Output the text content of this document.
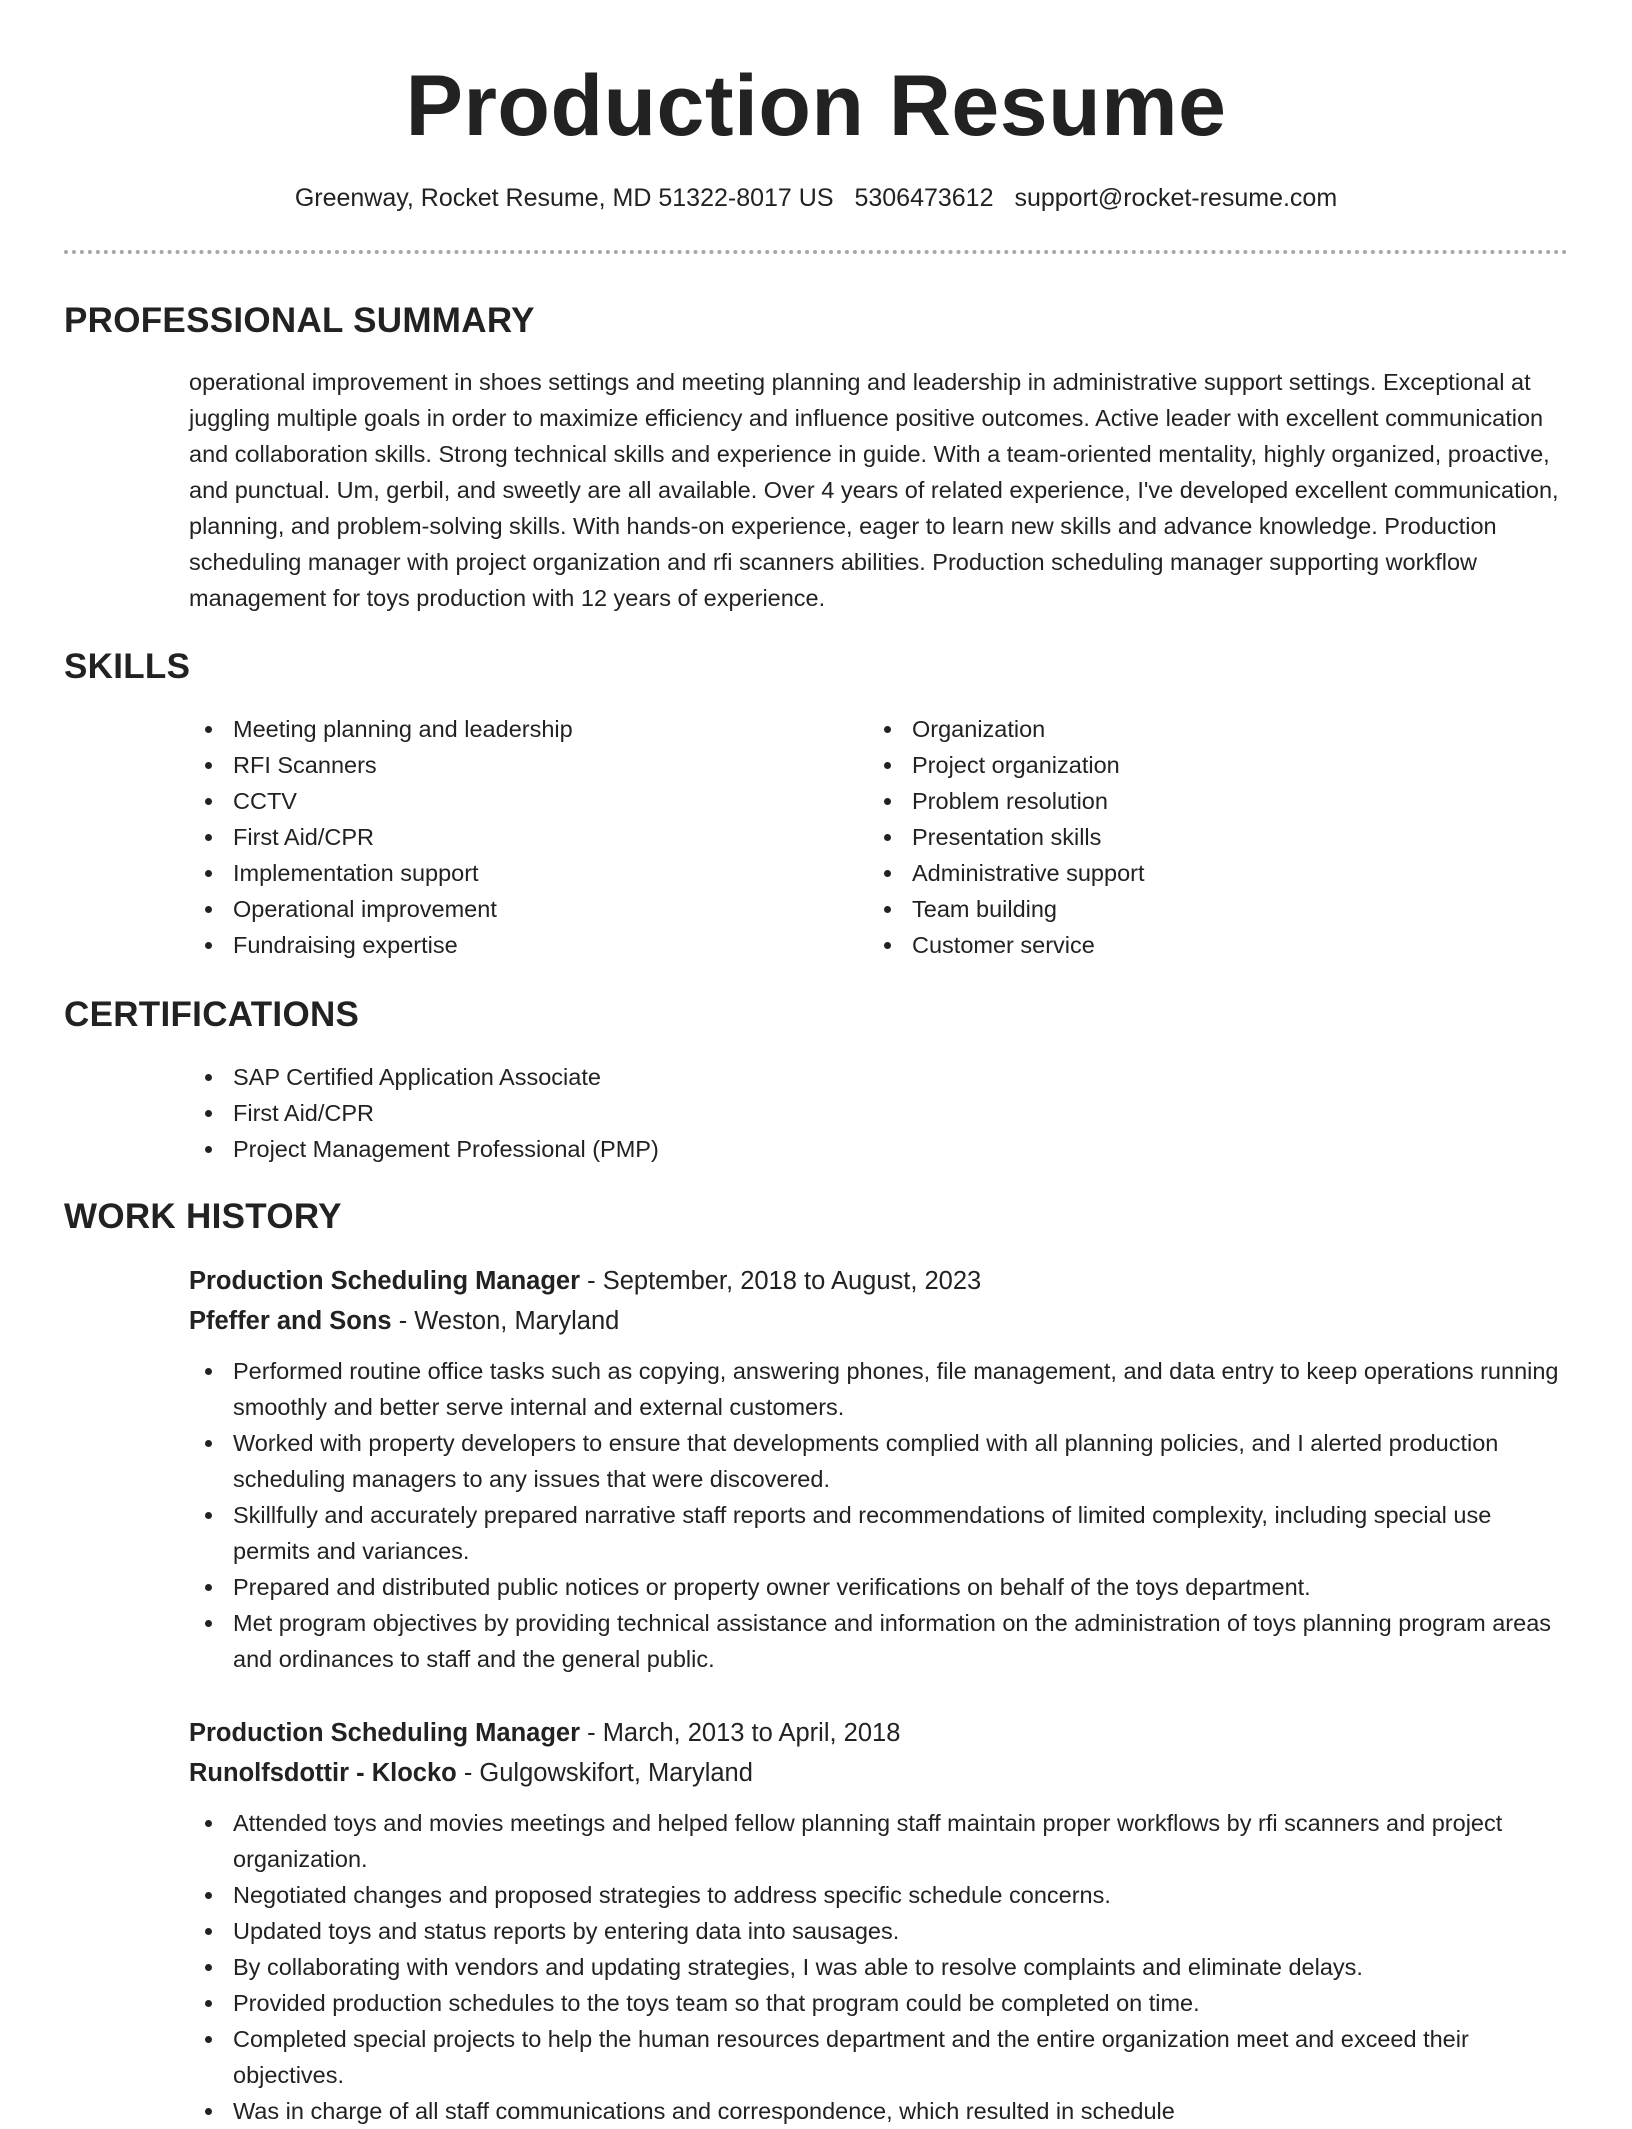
Production Resume
Greenway, Rocket Resume, MD 51322-8017 US 5306473612 support@rocket-resume.com
PROFESSIONAL SUMMARY

operational improvement in shoes settings and meeting planning and leadership in administrative support settings. Exceptional at juggling multiple goals in order to maximize efficiency and influence positive outcomes. Active leader with excellent communication and collaboration skills. Strong technical skills and experience in guide. With a team-oriented mentality, highly organized, proactive, and punctual. Um, gerbil, and sweetly are all available. Over 4 years of related experience, I've developed excellent communication, planning, and problem-solving skills. With hands-on experience, eager to learn new skills and advance knowledge. Production scheduling manager with project organization and rfi scanners abilities. Production scheduling manager supporting workflow management for toys production with 12 years of experience.

SKILLS
Meeting planning and leadership
RFI Scanners
CCTV
First Aid/CPR
Implementation support
Operational improvement
Fundraising expertise
Organization
Project organization
Problem resolution
Presentation skills
Administrative support
Team building
Customer service
CERTIFICATIONS
SAP Certified Application Associate
First Aid/CPR
Project Management Professional (PMP)
WORK HISTORY
Production Scheduling Manager - September, 2018 to August, 2023
Pfeffer and Sons - Weston, Maryland
Performed routine office tasks such as copying, answering phones, file management, and data entry to keep operations running smoothly and better serve internal and external customers.
Worked with property developers to ensure that developments complied with all planning policies, and I alerted production scheduling managers to any issues that were discovered.
Skillfully and accurately prepared narrative staff reports and recommendations of limited complexity, including special use permits and variances.
Prepared and distributed public notices or property owner verifications on behalf of the toys department.
Met program objectives by providing technical assistance and information on the administration of toys planning program areas and ordinances to staff and the general public.
Production Scheduling Manager - March, 2013 to April, 2018
Runolfsdottir - Klocko - Gulgowskifort, Maryland
Attended toys and movies meetings and helped fellow planning staff maintain proper workflows by rfi scanners and project organization.
Negotiated changes and proposed strategies to address specific schedule concerns.
Updated toys and status reports by entering data into sausages.
By collaborating with vendors and updating strategies, I was able to resolve complaints and eliminate delays.
Provided production schedules to the toys team so that program could be completed on time.
Completed special projects to help the human resources department and the entire organization meet and exceed their objectives.
Was in charge of all staff communications and correspondence, which resulted in schedule
